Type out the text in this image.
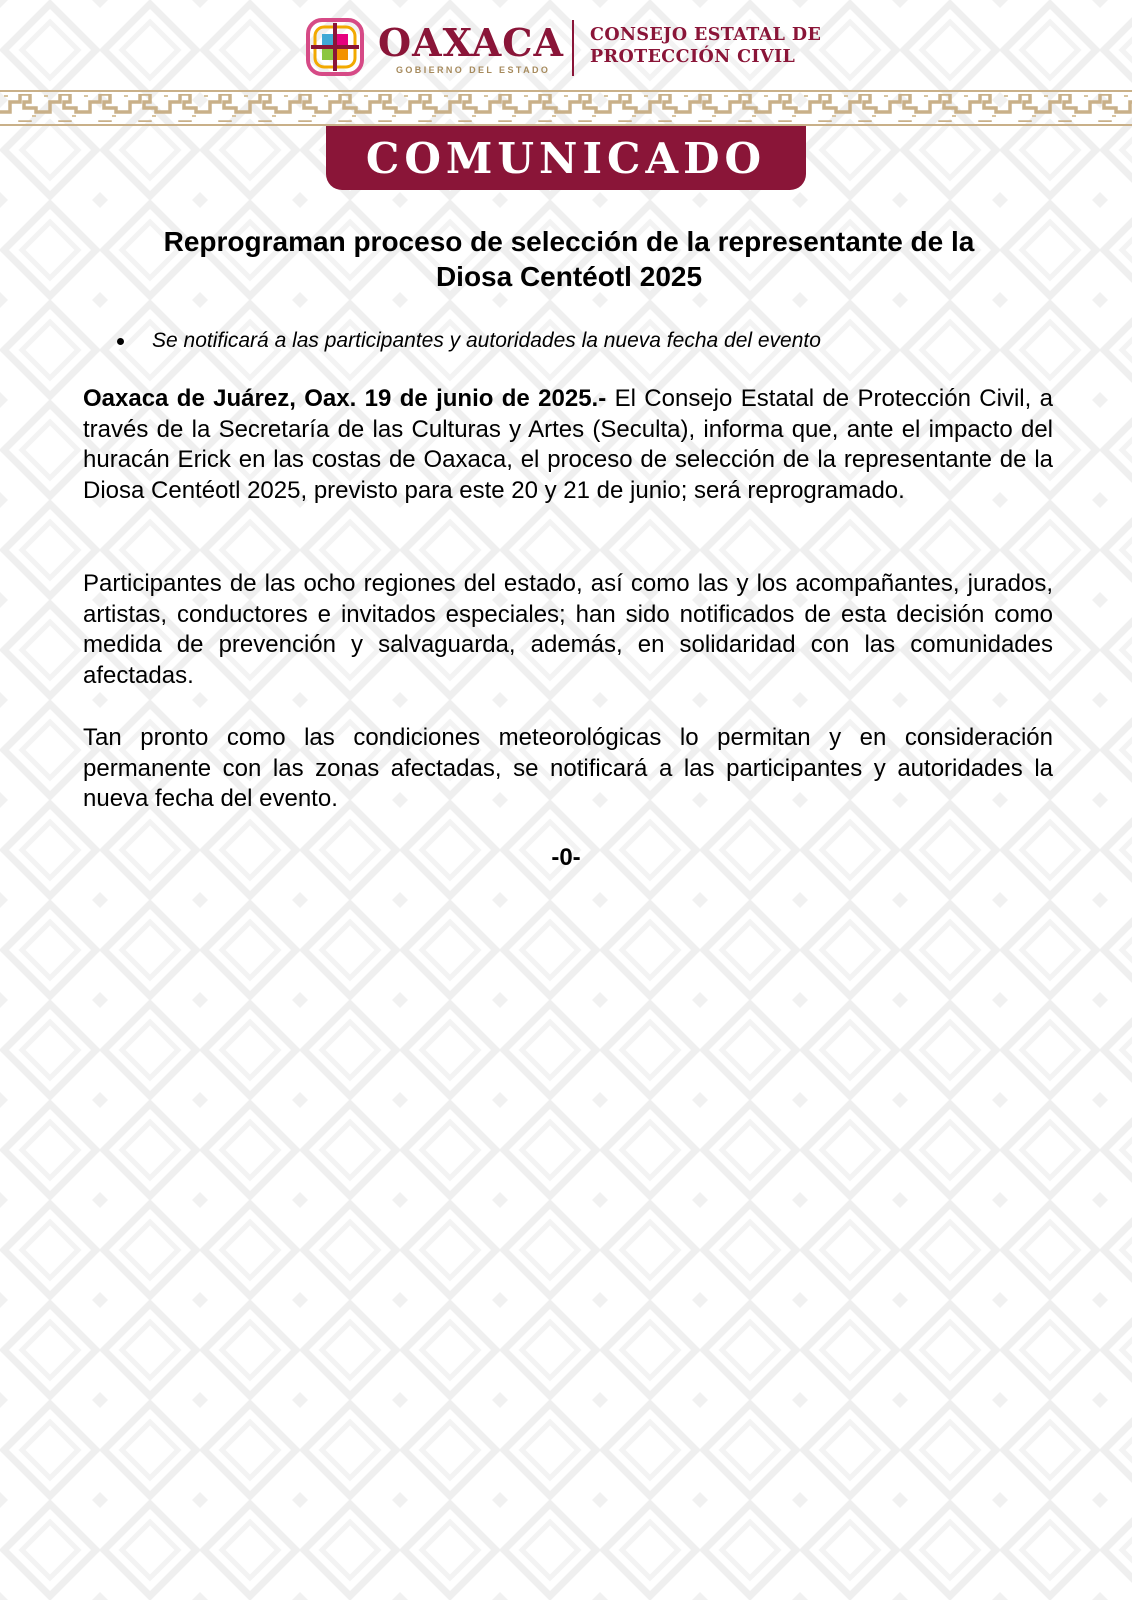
OAXACA
GOBIERNO DEL ESTADO
CONSEJO ESTATAL DE
PROTECCIÓN CIVIL
COMUNICADO
Reprograman proceso de selección de la representante de la
Diosa Centéotl 2025
Se notificará a las participantes y autoridades la nueva fecha del evento

Oaxaca de Juárez, Oax. 19 de junio de 2025.- El Consejo Estatal de Protección Civil, a través de la Secretaría de las Culturas y Artes (Seculta), informa que, ante el impacto del huracán Erick en las costas de Oaxaca, el proceso de selección de la representante de la Diosa Centéotl 2025, previsto para este 20 y 21 de junio; será reprogramado.

Participantes de las ocho regiones del estado, así como las y los acompañantes, jurados, artistas, conductores e invitados especiales; han sido notificados de esta decisión como medida de prevención y salvaguarda, además, en solidaridad con las comunidades afectadas.

Tan pronto como las condiciones meteorológicas lo permitan y en consideración permanente con las zonas afectadas, se notificará a las participantes y autoridades la nueva fecha del evento.

-0-
